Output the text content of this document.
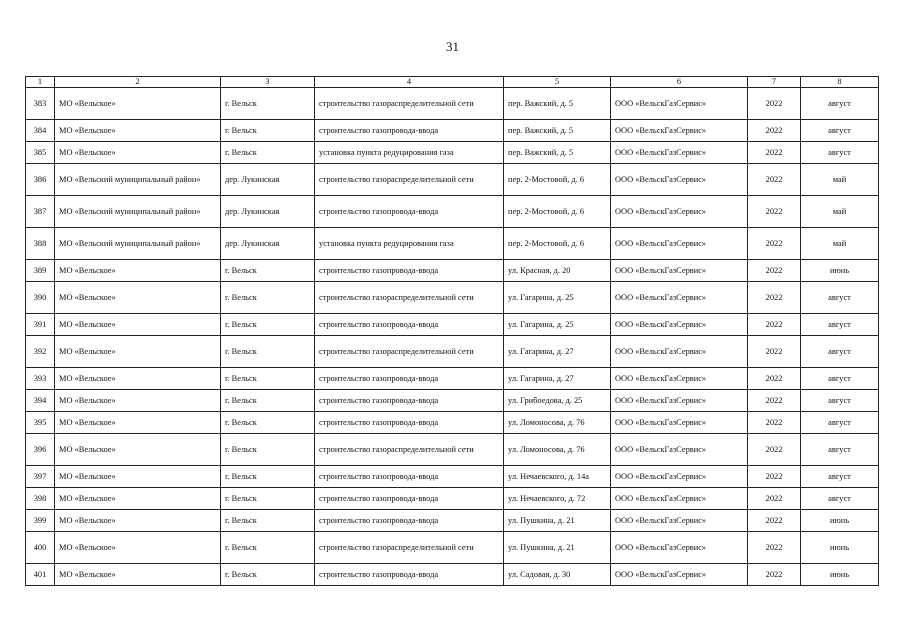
31
1	2	3	4	5	6	7	8
383	МО «Вельское»	г. Вельск	строительство газораспределительной сети	пер. Важский, д. 5	ООО «ВельскГазСервис»	2022	август
384	МО «Вельское»	г. Вельск	строительство газопровода-ввода	пер. Важский, д. 5	ООО «ВельскГазСервис»	2022	август
385	МО «Вельское»	г. Вельск	установка пункта редуцирования газа	пер. Важский, д. 5	ООО «ВельскГазСервис»	2022	август
386	МО «Вельский муниципальный район»	дер. Лукинская	строительство газораспределительной сети	пер. 2-Мостовой, д. 6	ООО «ВельскГазСервис»	2022	май
387	МО «Вельский муниципальный район»	дер. Лукинская	строительство газопровода-ввода	пер. 2-Мостовой, д. 6	ООО «ВельскГазСервис»	2022	май
388	МО «Вельский муниципальный район»	дер. Лукинская	установка пункта редуцирования газа	пер. 2-Мостовой, д. 6	ООО «ВельскГазСервис»	2022	май
389	МО «Вельское»	г. Вельск	строительство газопровода-ввода	ул. Красная, д. 20	ООО «ВельскГазСервис»	2022	июнь
390	МО «Вельское»	г. Вельск	строительство газораспределительной сети	ул. Гагарина, д. 25	ООО «ВельскГазСервис»	2022	август
391	МО «Вельское»	г. Вельск	строительство газопровода-ввода	ул. Гагарина, д. 25	ООО «ВельскГазСервис»	2022	август
392	МО «Вельское»	г. Вельск	строительство газораспределительной сети	ул. Гагарина, д. 27	ООО «ВельскГазСервис»	2022	август
393	МО «Вельское»	г. Вельск	строительство газопровода-ввода	ул. Гагарина, д. 27	ООО «ВельскГазСервис»	2022	август
394	МО «Вельское»	г. Вельск	строительство газопровода-ввода	ул. Грибоедова, д. 25	ООО «ВельскГазСервис»	2022	август
395	МО «Вельское»	г. Вельск	строительство газопровода-ввода	ул. Ломоносова, д. 76	ООО «ВельскГазСервис»	2022	август
396	МО «Вельское»	г. Вельск	строительство газораспределительной сети	ул. Ломоносова, д. 76	ООО «ВельскГазСервис»	2022	август
397	МО «Вельское»	г. Вельск	строительство газопровода-ввода	ул. Нечаевского, д. 14а	ООО «ВельскГазСервис»	2022	август
398	МО «Вельское»	г. Вельск	строительство газопровода-ввода	ул. Нечаевского, д. 72	ООО «ВельскГазСервис»	2022	август
399	МО «Вельское»	г. Вельск	строительство газопровода-ввода	ул. Пушкина, д. 21	ООО «ВельскГазСервис»	2022	июнь
400	МО «Вельское»	г. Вельск	строительство газораспределительной сети	ул. Пушкина, д. 21	ООО «ВельскГазСервис»	2022	июнь
401	МО «Вельское»	г. Вельск	строительство газопровода-ввода	ул. Садовая, д. 30	ООО «ВельскГазСервис»	2022	июнь
